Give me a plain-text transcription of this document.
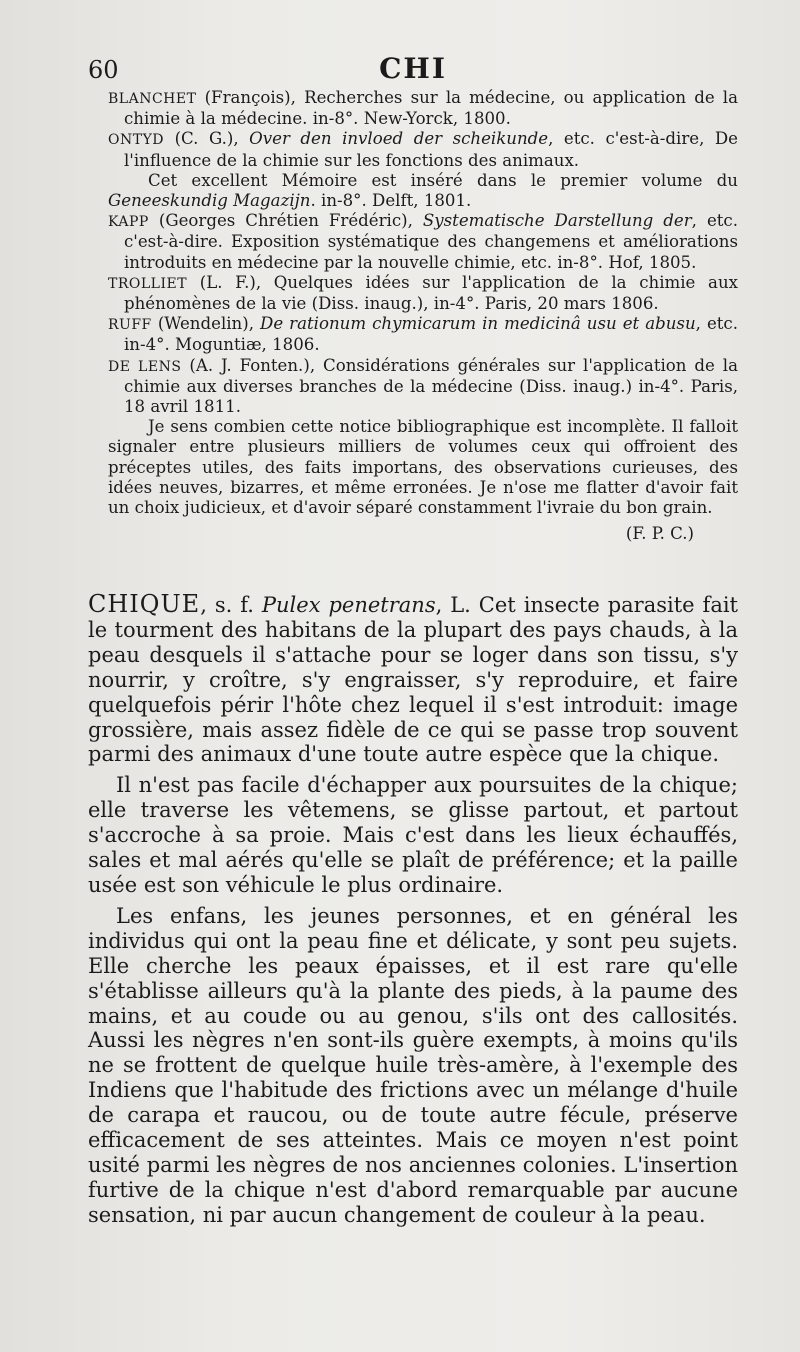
60	CHI

BLANCHET (François), Recherches sur la médecine, ou application de la chimie à la médecine. in-8°. New-Yorck, 1800.

ONTYD (C. G.), Over den invloed der scheikunde, etc. c'est-à-dire, De l'influence de la chimie sur les fonctions des animaux.

Cet excellent Mémoire est inséré dans le premier volume du Geneeskundig Magazijn. in-8°. Delft, 1801.

KAPP (Georges Chrétien Frédéric), Systematische Darstellung der, etc. c'est-à-dire. Exposition systématique des changemens et améliorations introduits en médecine par la nouvelle chimie, etc. in-8°. Hof, 1805.

TROLLIET (L. F.), Quelques idées sur l'application de la chimie aux phénomènes de la vie (Diss. inaug.), in-4°. Paris, 20 mars 1806.

RUFF (Wendelin), De rationum chymicarum in medicinâ usu et abusu, etc. in-4°. Moguntiæ, 1806.

DE LENS (A. J. Fonten.), Considérations générales sur l'application de la chimie aux diverses branches de la médecine (Diss. inaug.) in-4°. Paris, 18 avril 1811.

Je sens combien cette notice bibliographique est incomplète. Il falloit signaler entre plusieurs milliers de volumes ceux qui offroient des préceptes utiles, des faits importans, des observations curieuses, des idées neuves, bizarres, et même erronées. Je n'ose me flatter d'avoir fait un choix judicieux, et d'avoir séparé constamment l'ivraie du bon grain.

(F. P. C.)

CHIQUE, s. f. Pulex penetrans, L. Cet insecte parasite fait le tourment des habitans de la plupart des pays chauds, à la peau desquels il s'attache pour se loger dans son tissu, s'y nourrir, y croître, s'y engraisser, s'y reproduire, et faire quelquefois périr l'hôte chez lequel il s'est introduit: image grossière, mais assez fidèle de ce qui se passe trop souvent parmi des animaux d'une toute autre espèce que la chique.

Il n'est pas facile d'échapper aux poursuites de la chique; elle traverse les vêtemens, se glisse partout, et partout s'accroche à sa proie. Mais c'est dans les lieux échauffés, sales et mal aérés qu'elle se plaît de préférence; et la paille usée est son véhicule le plus ordinaire.

Les enfans, les jeunes personnes, et en général les individus qui ont la peau fine et délicate, y sont peu sujets. Elle cherche les peaux épaisses, et il est rare qu'elle s'établisse ailleurs qu'à la plante des pieds, à la paume des mains, et au coude ou au genou, s'ils ont des callosités. Aussi les nègres n'en sont-ils guère exempts, à moins qu'ils ne se frottent de quelque huile très-amère, à l'exemple des Indiens que l'habitude des frictions avec un mélange d'huile de carapa et raucou, ou de toute autre fécule, préserve efficacement de ses atteintes. Mais ce moyen n'est point usité parmi les nègres de nos anciennes colonies. L'insertion furtive de la chique n'est d'abord remarquable par aucune sensation, ni par aucun changement de couleur à la peau.
